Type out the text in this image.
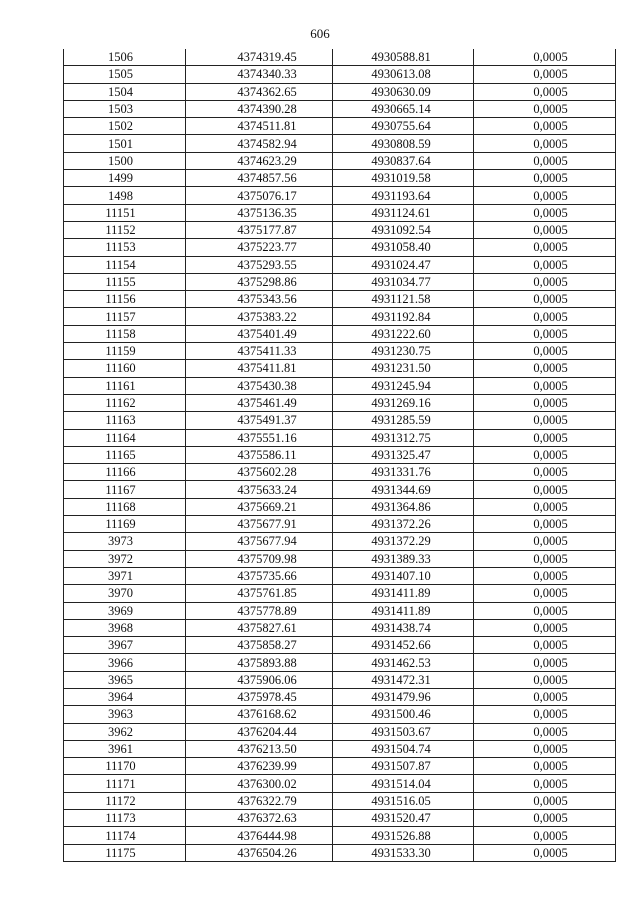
606
1506	4374319.45	4930588.81	0,0005
1505	4374340.33	4930613.08	0,0005
1504	4374362.65	4930630.09	0,0005
1503	4374390.28	4930665.14	0,0005
1502	4374511.81	4930755.64	0,0005
1501	4374582.94	4930808.59	0,0005
1500	4374623.29	4930837.64	0,0005
1499	4374857.56	4931019.58	0,0005
1498	4375076.17	4931193.64	0,0005
11151	4375136.35	4931124.61	0,0005
11152	4375177.87	4931092.54	0,0005
11153	4375223.77	4931058.40	0,0005
11154	4375293.55	4931024.47	0,0005
11155	4375298.86	4931034.77	0,0005
11156	4375343.56	4931121.58	0,0005
11157	4375383.22	4931192.84	0,0005
11158	4375401.49	4931222.60	0,0005
11159	4375411.33	4931230.75	0,0005
11160	4375411.81	4931231.50	0,0005
11161	4375430.38	4931245.94	0,0005
11162	4375461.49	4931269.16	0,0005
11163	4375491.37	4931285.59	0,0005
11164	4375551.16	4931312.75	0,0005
11165	4375586.11	4931325.47	0,0005
11166	4375602.28	4931331.76	0,0005
11167	4375633.24	4931344.69	0,0005
11168	4375669.21	4931364.86	0,0005
11169	4375677.91	4931372.26	0,0005
3973	4375677.94	4931372.29	0,0005
3972	4375709.98	4931389.33	0,0005
3971	4375735.66	4931407.10	0,0005
3970	4375761.85	4931411.89	0,0005
3969	4375778.89	4931411.89	0,0005
3968	4375827.61	4931438.74	0,0005
3967	4375858.27	4931452.66	0,0005
3966	4375893.88	4931462.53	0,0005
3965	4375906.06	4931472.31	0,0005
3964	4375978.45	4931479.96	0,0005
3963	4376168.62	4931500.46	0,0005
3962	4376204.44	4931503.67	0,0005
3961	4376213.50	4931504.74	0,0005
11170	4376239.99	4931507.87	0,0005
11171	4376300.02	4931514.04	0,0005
11172	4376322.79	4931516.05	0,0005
11173	4376372.63	4931520.47	0,0005
11174	4376444.98	4931526.88	0,0005
11175	4376504.26	4931533.30	0,0005
